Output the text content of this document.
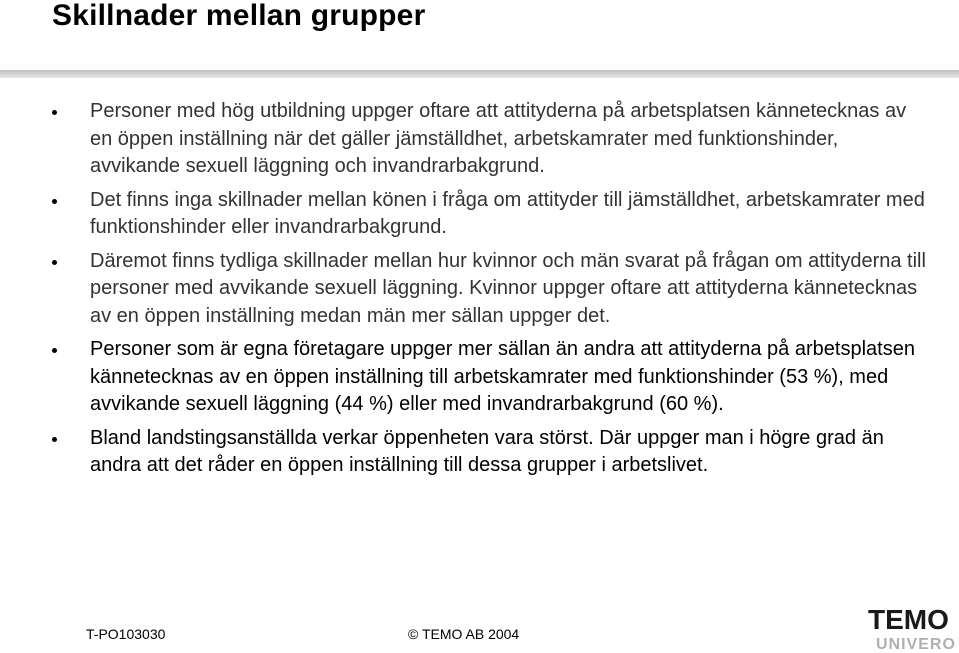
Skillnader mellan grupper
Personer med hög utbildning uppger oftare att attityderna på arbetsplatsen kännetecknas av en öppen inställning när det gäller jämställdhet, arbetskamrater med funktionshinder, avvikande sexuell läggning och invandrarbakgrund.
Det finns inga skillnader mellan könen i fråga om attityder till jämställdhet, arbetskamrater med funktionshinder eller invandrarbakgrund.
Däremot finns tydliga skillnader mellan hur kvinnor och män svarat på frågan om attityderna till personer med avvikande sexuell läggning. Kvinnor uppger oftare att attityderna kännetecknas av en öppen inställning medan män mer sällan uppger det.
Personer som är egna företagare uppger mer sällan än andra att attityderna på arbetsplatsen kännetecknas av en öppen inställning till arbetskamrater med funktionshinder (53 %), med avvikande sexuell läggning (44 %) eller med invandrarbakgrund (60 %).
Bland landstingsanställda verkar öppenheten vara störst. Där uppger man i högre grad än andra att det råder en öppen inställning till dessa grupper i arbetslivet.
T-PO103030	© TEMO AB 2004	TEMO
UNIVERO
